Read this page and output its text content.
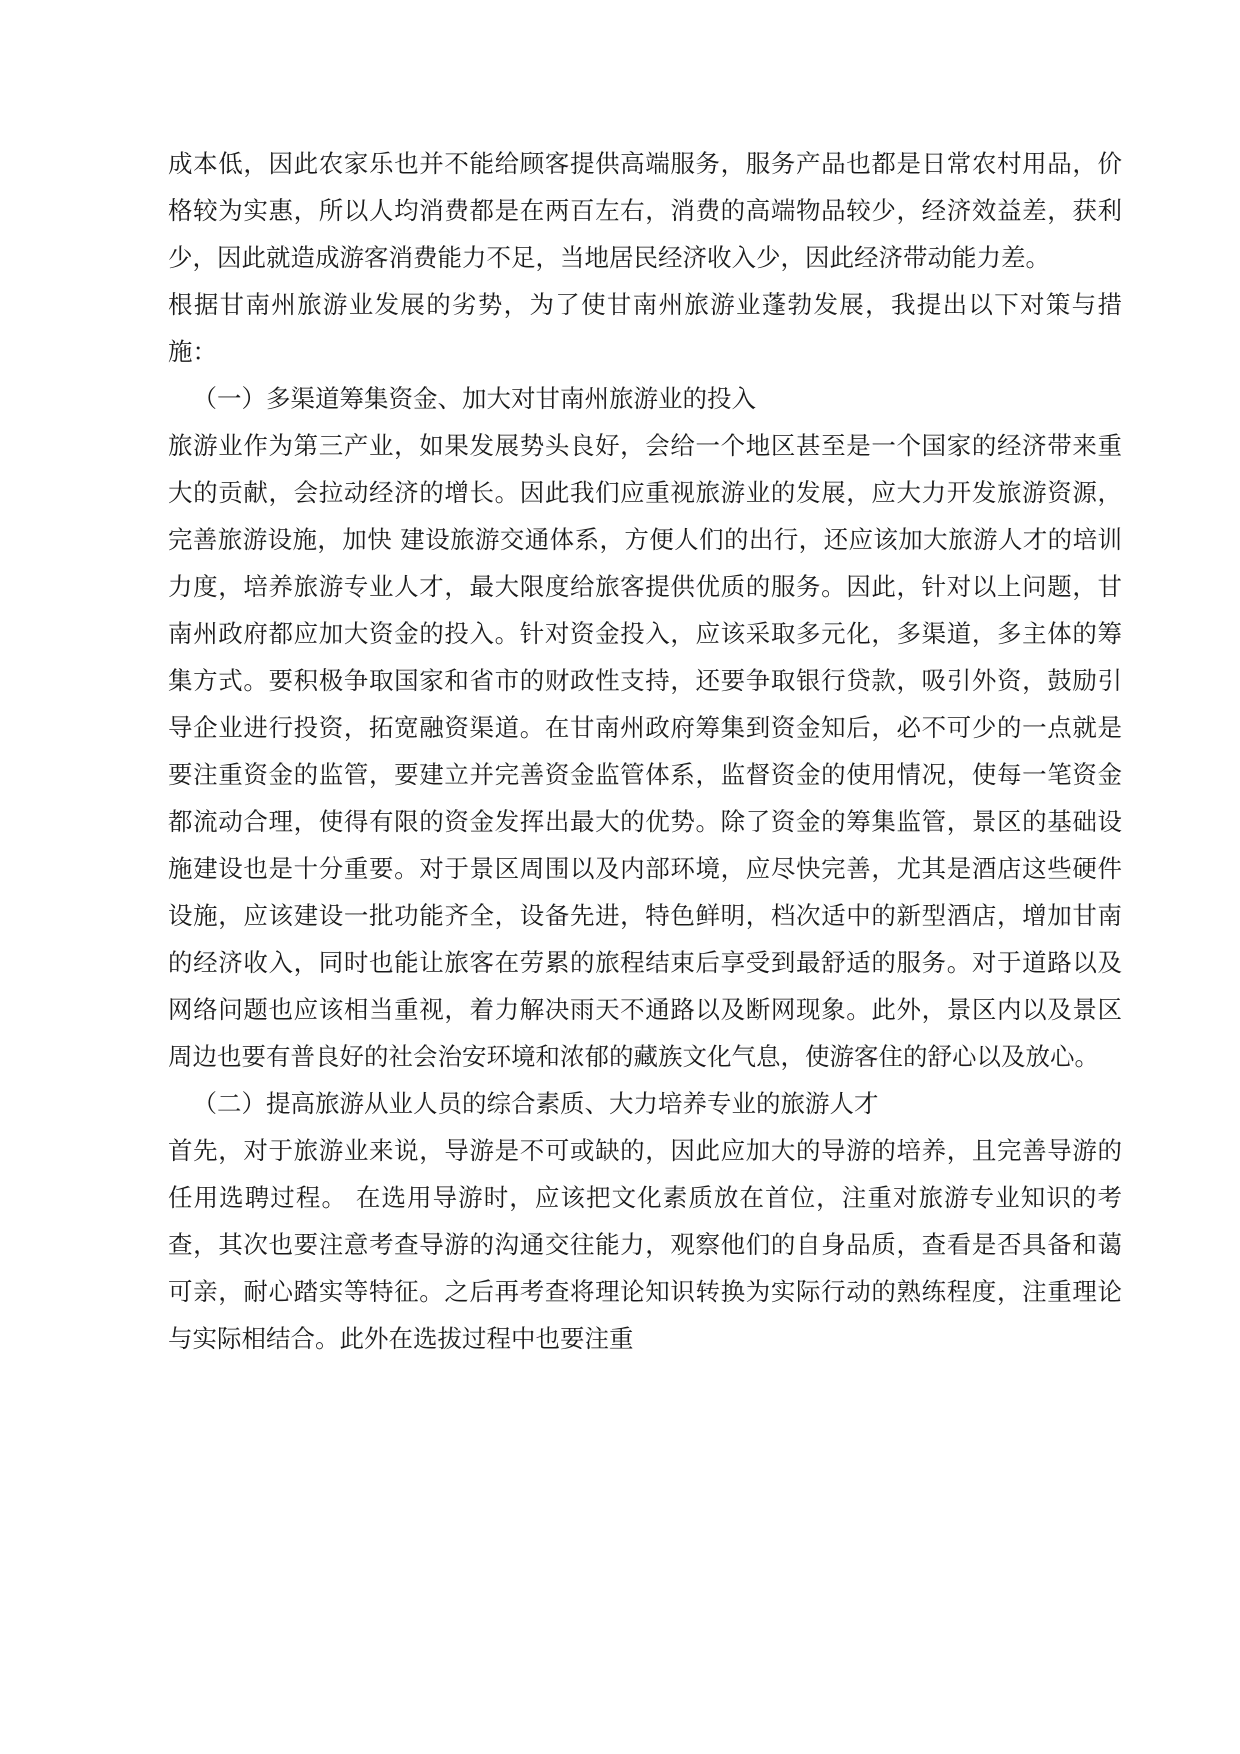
成本低，因此农家乐也并不能给顾客提供高端服务，服务产品也都是日常农村用品，价格较为实惠，所以人均消费都是在两百左右，消费的高端物品较少，经济效益差，获利少，因此就造成游客消费能力不足，当地居民经济收入少，因此经济带动能力差。

根据甘南州旅游业发展的劣势，为了使甘南州旅游业蓬勃发展，我提出以下对策与措施：

（一）多渠道筹集资金、加大对甘南州旅游业的投入

旅游业作为第三产业，如果发展势头良好，会给一个地区甚至是一个国家的经济带来重大的贡献，会拉动经济的增长。因此我们应重视旅游业的发展，应大力开发旅游资源，完善旅游设施，加快 建设旅游交通体系，方便人们的出行，还应该加大旅游人才的培训力度，培养旅游专业人才，最大限度给旅客提供优质的服务。因此，针对以上问题，甘南州政府都应加大资金的投入。针对资金投入，应该采取多元化，多渠道，多主体的筹集方式。要积极争取国家和省市的财政性支持，还要争取银行贷款，吸引外资，鼓励引导企业进行投资，拓宽融资渠道。在甘南州政府筹集到资金知后，必不可少的一点就是要注重资金的监管，要建立并完善资金监管体系，监督资金的使用情况，使每一笔资金都流动合理，使得有限的资金发挥出最大的优势。除了资金的筹集监管，景区的基础设施建设也是十分重要。对于景区周围以及内部环境，应尽快完善，尤其是酒店这些硬件设施，应该建设一批功能齐全，设备先进，特色鲜明，档次适中的新型酒店，增加甘南的经济收入，同时也能让旅客在劳累的旅程结束后享受到最舒适的服务。对于道路以及网络问题也应该相当重视，着力解决雨天不通路以及断网现象。此外，景区内以及景区周边也要有普良好的社会治安环境和浓郁的藏族文化气息，使游客住的舒心以及放心。

（二）提高旅游从业人员的综合素质、大力培养专业的旅游人才

首先，对于旅游业来说，导游是不可或缺的，因此应加大的导游的培养，且完善导游的任用选聘过程。 在选用导游时，应该把文化素质放在首位，注重对旅游专业知识的考查，其次也要注意考查导游的沟通交往能力，观察他们的自身品质，查看是否具备和蔼可亲，耐心踏实等特征。之后再考查将理论知识转换为实际行动的熟练程度，注重理论与实际相结合。此外在选拔过程中也要注重
